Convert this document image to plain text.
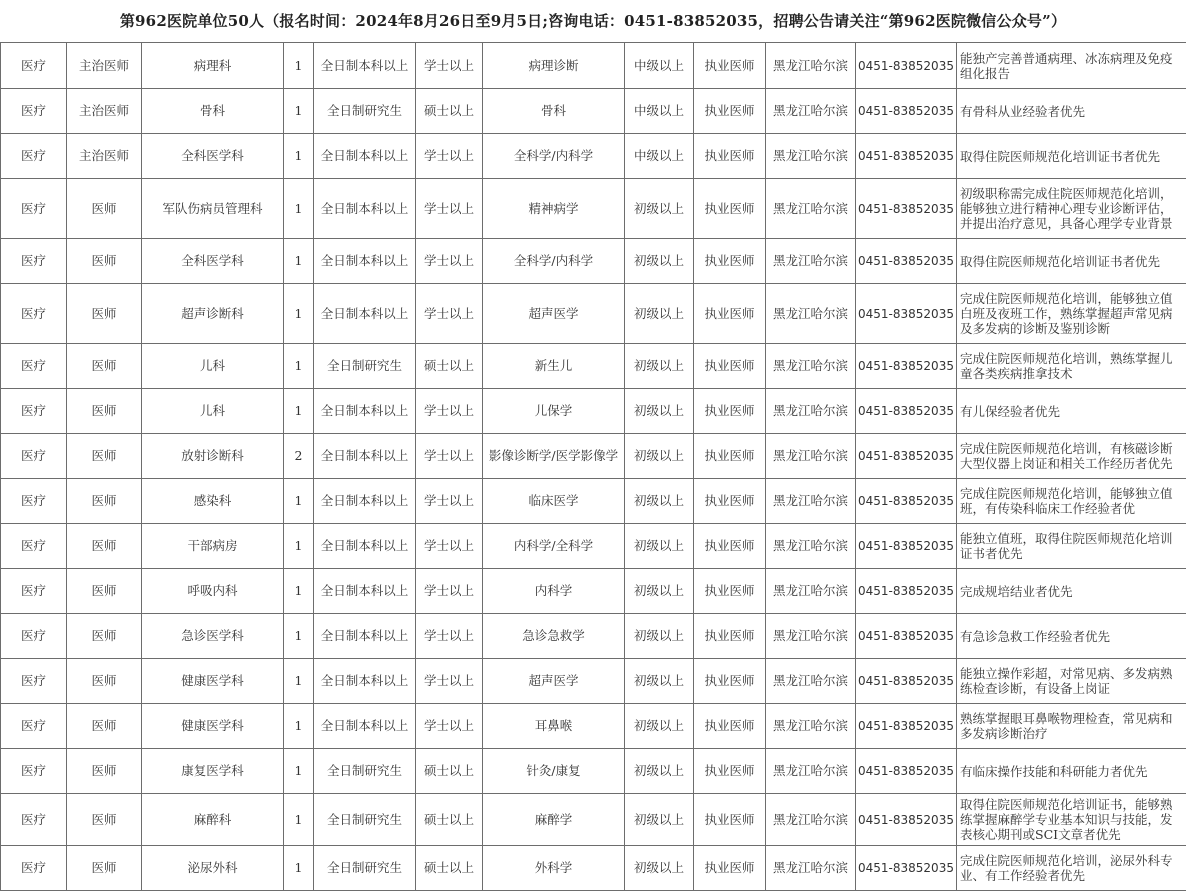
第962医院单位50人（报名时间：2024年8月26日至9月5日;咨询电话：0451-83852035，招聘公告请关注“第962医院微信公众号”）
医疗	主治医师	病理科	1	全日制本科以上	学士以上	病理诊断	中级以上	执业医师	黑龙江哈尔滨	0451-83852035	能独产完善普通病理、冰冻病理及免疫组化报告
医疗	主治医师	骨科	1	全日制研究生	硕士以上	骨科	中级以上	执业医师	黑龙江哈尔滨	0451-83852035	有骨科从业经验者优先
医疗	主治医师	全科医学科	1	全日制本科以上	学士以上	全科学/内科学	中级以上	执业医师	黑龙江哈尔滨	0451-83852035	取得住院医师规范化培训证书者优先
医疗	医师	军队伤病员管理科	1	全日制本科以上	学士以上	精神病学	初级以上	执业医师	黑龙江哈尔滨	0451-83852035	初级职称需完成住院医师规范化培训，能够独立进行精神心理专业诊断评估，并提出治疗意见，具备心理学专业背景
医疗	医师	全科医学科	1	全日制本科以上	学士以上	全科学/内科学	初级以上	执业医师	黑龙江哈尔滨	0451-83852035	取得住院医师规范化培训证书者优先
医疗	医师	超声诊断科	1	全日制本科以上	学士以上	超声医学	初级以上	执业医师	黑龙江哈尔滨	0451-83852035	完成住院医师规范化培训，能够独立值白班及夜班工作，熟练掌握超声常见病及多发病的诊断及鉴别诊断
医疗	医师	儿科	1	全日制研究生	硕士以上	新生儿	初级以上	执业医师	黑龙江哈尔滨	0451-83852035	完成住院医师规范化培训，熟练掌握儿童各类疾病推拿技术
医疗	医师	儿科	1	全日制本科以上	学士以上	儿保学	初级以上	执业医师	黑龙江哈尔滨	0451-83852035	有儿保经验者优先
医疗	医师	放射诊断科	2	全日制本科以上	学士以上	影像诊断学/医学影像学	初级以上	执业医师	黑龙江哈尔滨	0451-83852035	完成住院医师规范化培训，有核磁诊断大型仪器上岗证和相关工作经历者优先
医疗	医师	感染科	1	全日制本科以上	学士以上	临床医学	初级以上	执业医师	黑龙江哈尔滨	0451-83852035	完成住院医师规范化培训，能够独立值班，有传染科临床工作经验者优
医疗	医师	干部病房	1	全日制本科以上	学士以上	内科学/全科学	初级以上	执业医师	黑龙江哈尔滨	0451-83852035	能独立值班，取得住院医师规范化培训证书者优先
医疗	医师	呼吸内科	1	全日制本科以上	学士以上	内科学	初级以上	执业医师	黑龙江哈尔滨	0451-83852035	完成规培结业者优先
医疗	医师	急诊医学科	1	全日制本科以上	学士以上	急诊急救学	初级以上	执业医师	黑龙江哈尔滨	0451-83852035	有急诊急救工作经验者优先
医疗	医师	健康医学科	1	全日制本科以上	学士以上	超声医学	初级以上	执业医师	黑龙江哈尔滨	0451-83852035	能独立操作彩超，对常见病、多发病熟练检查诊断，有设备上岗证
医疗	医师	健康医学科	1	全日制本科以上	学士以上	耳鼻喉	初级以上	执业医师	黑龙江哈尔滨	0451-83852035	熟练掌握眼耳鼻喉物理检查，常见病和多发病诊断治疗
医疗	医师	康复医学科	1	全日制研究生	硕士以上	针灸/康复	初级以上	执业医师	黑龙江哈尔滨	0451-83852035	有临床操作技能和科研能力者优先
医疗	医师	麻醉科	1	全日制研究生	硕士以上	麻醉学	初级以上	执业医师	黑龙江哈尔滨	0451-83852035	取得住院医师规范化培训证书，能够熟练掌握麻醉学专业基本知识与技能，发表核心期刊或SCI文章者优先
医疗	医师	泌尿外科	1	全日制研究生	硕士以上	外科学	初级以上	执业医师	黑龙江哈尔滨	0451-83852035	完成住院医师规范化培训，泌尿外科专业、有工作经验者优先
